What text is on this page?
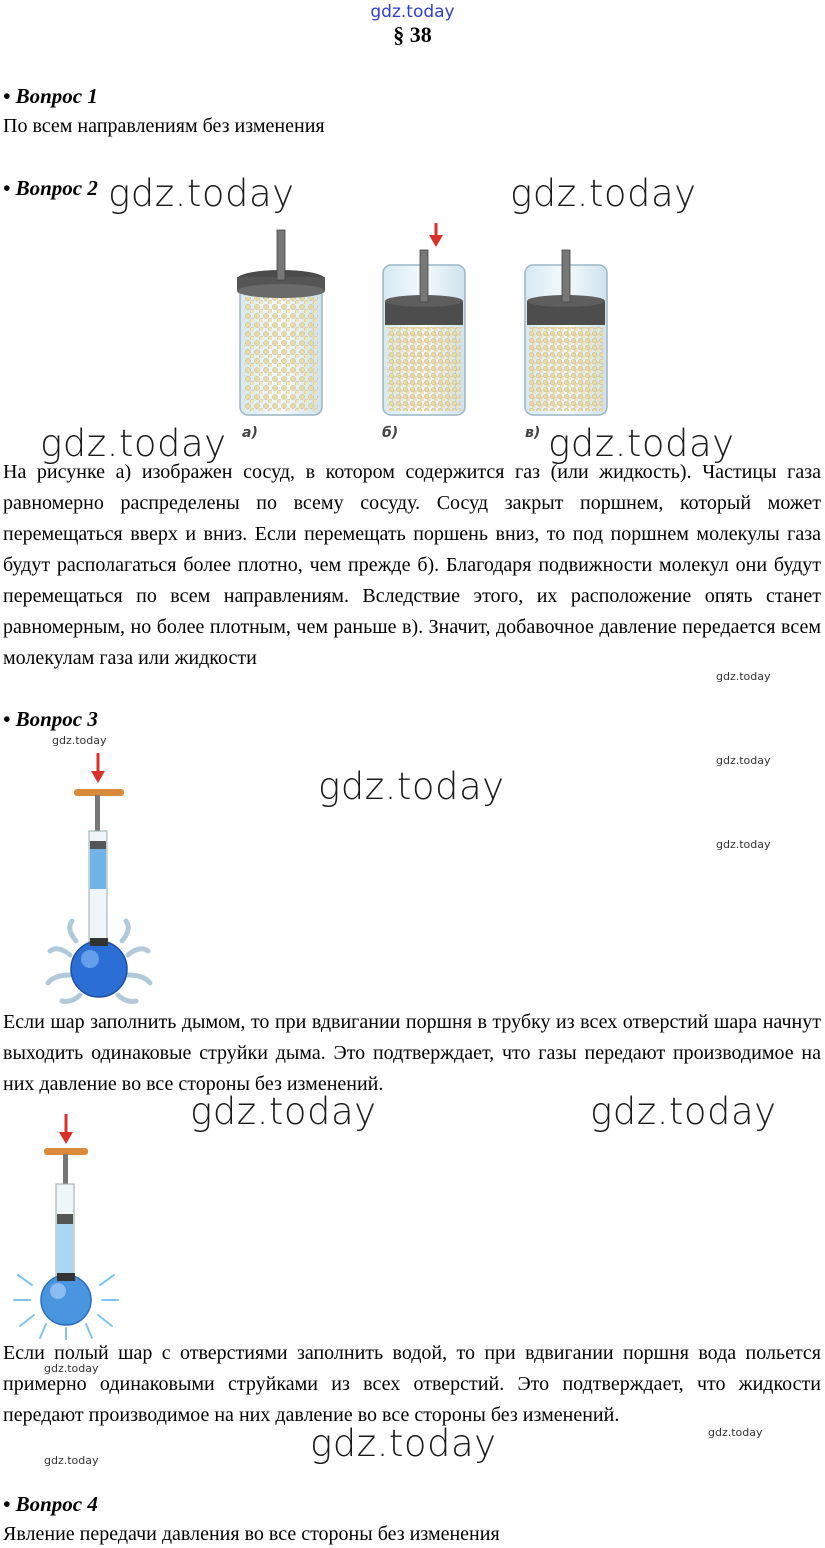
gdz.today
§ 38
• Вопрос 1
По всем направлениям без изменения
• Вопрос 2 gdz.today	gdz.today
а)	б)	в)
gdz.today	gdz.today
На рисунке а) изображен сосуд, в котором содержится газ (или жидкость). Частицы газа равномерно распределены по всему сосуду. Сосуд закрыт поршнем, который может перемещаться вверх и вниз. Если перемещать поршень вниз, то под поршнем молекулы газа будут располагаться более плотно, чем прежде б). Благодаря подвижности молекул они будут перемещаться по всем направлениям. Вследствие этого, их расположение опять станет равномерным, но более плотным, чем раньше в). Значит, добавочное давление передается всем молекулам газа или жидкости
gdz.today
• Вопрос 3
gdz.today
gdz.today
gdz.today
gdz.today
Если шар заполнить дымом, то при вдвигании поршня в трубку из всех отверстий шара начнут выходить одинаковые струйки дыма. Это подтверждает, что газы передают производимое на них давление во все стороны без изменений.
gdz.today	gdz.today
Если полый шар с отверстиями заполнить водой, то при вдвигании поршня вода польется примерно одинаковыми струйками из всех отверстий. Это подтверждает, что жидкости передают производимое на них давление во все стороны без изменений.
gdz.today
gdz.today	gdz.today
gdz.today
• Вопрос 4
Явление передачи давления во все стороны без изменения
